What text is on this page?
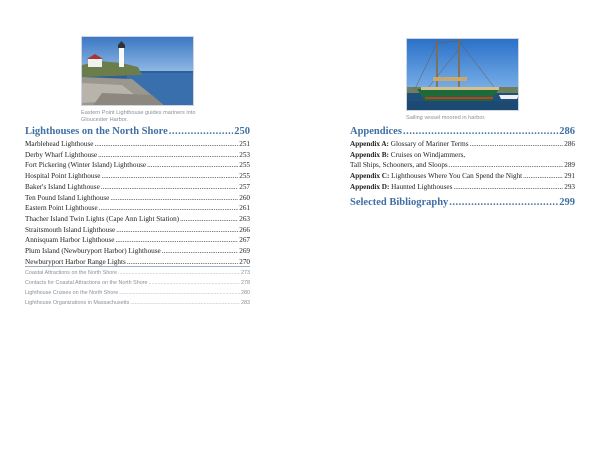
Eastern Point Lighthouse guides mariners into Gloucester Harbor.
Lighthouses on the North Shore .....	250
Marblehead Lighthouse .....	251
Derby Wharf Lighthouse .....	253
Fort Pickering (Winter Island) Lighthouse .....	255
Hospital Point Lighthouse .....	255
Baker's Island Lighthouse .....	257
Ten Pound Island Lighthouse .....	260
Eastern Point Lighthouse .....	261
Thacher Island Twin Lights (Cape Ann Light Station) .....	263
Straitsmouth Island Lighthouse .....	266
Annisquam Harbor Lighthouse .....	267
Plum Island (Newburyport Harbor) Lighthouse .....	269
Newburyport Harbor Range Lights .....	270
Coastal Attractions on the North Shore .....	273
Contacts for Coastal Attractions on the North Shore .....	278
Lighthouse Cruises on the North Shore .....	280
Lighthouse Organizations in Massachusetts .....	283
Sailing vessel moored in harbor.
Appendices .....	286
Appendix A: Glossary of Mariner Terms .....	286
Appendix B: Cruises on Windjammers,
Tall Ships, Schooners, and Sloops .....	289
Appendix C: Lighthouses Where You Can Spend the Night .....	291
Appendix D: Haunted Lighthouses .....	293
Selected Bibliography .....	299
